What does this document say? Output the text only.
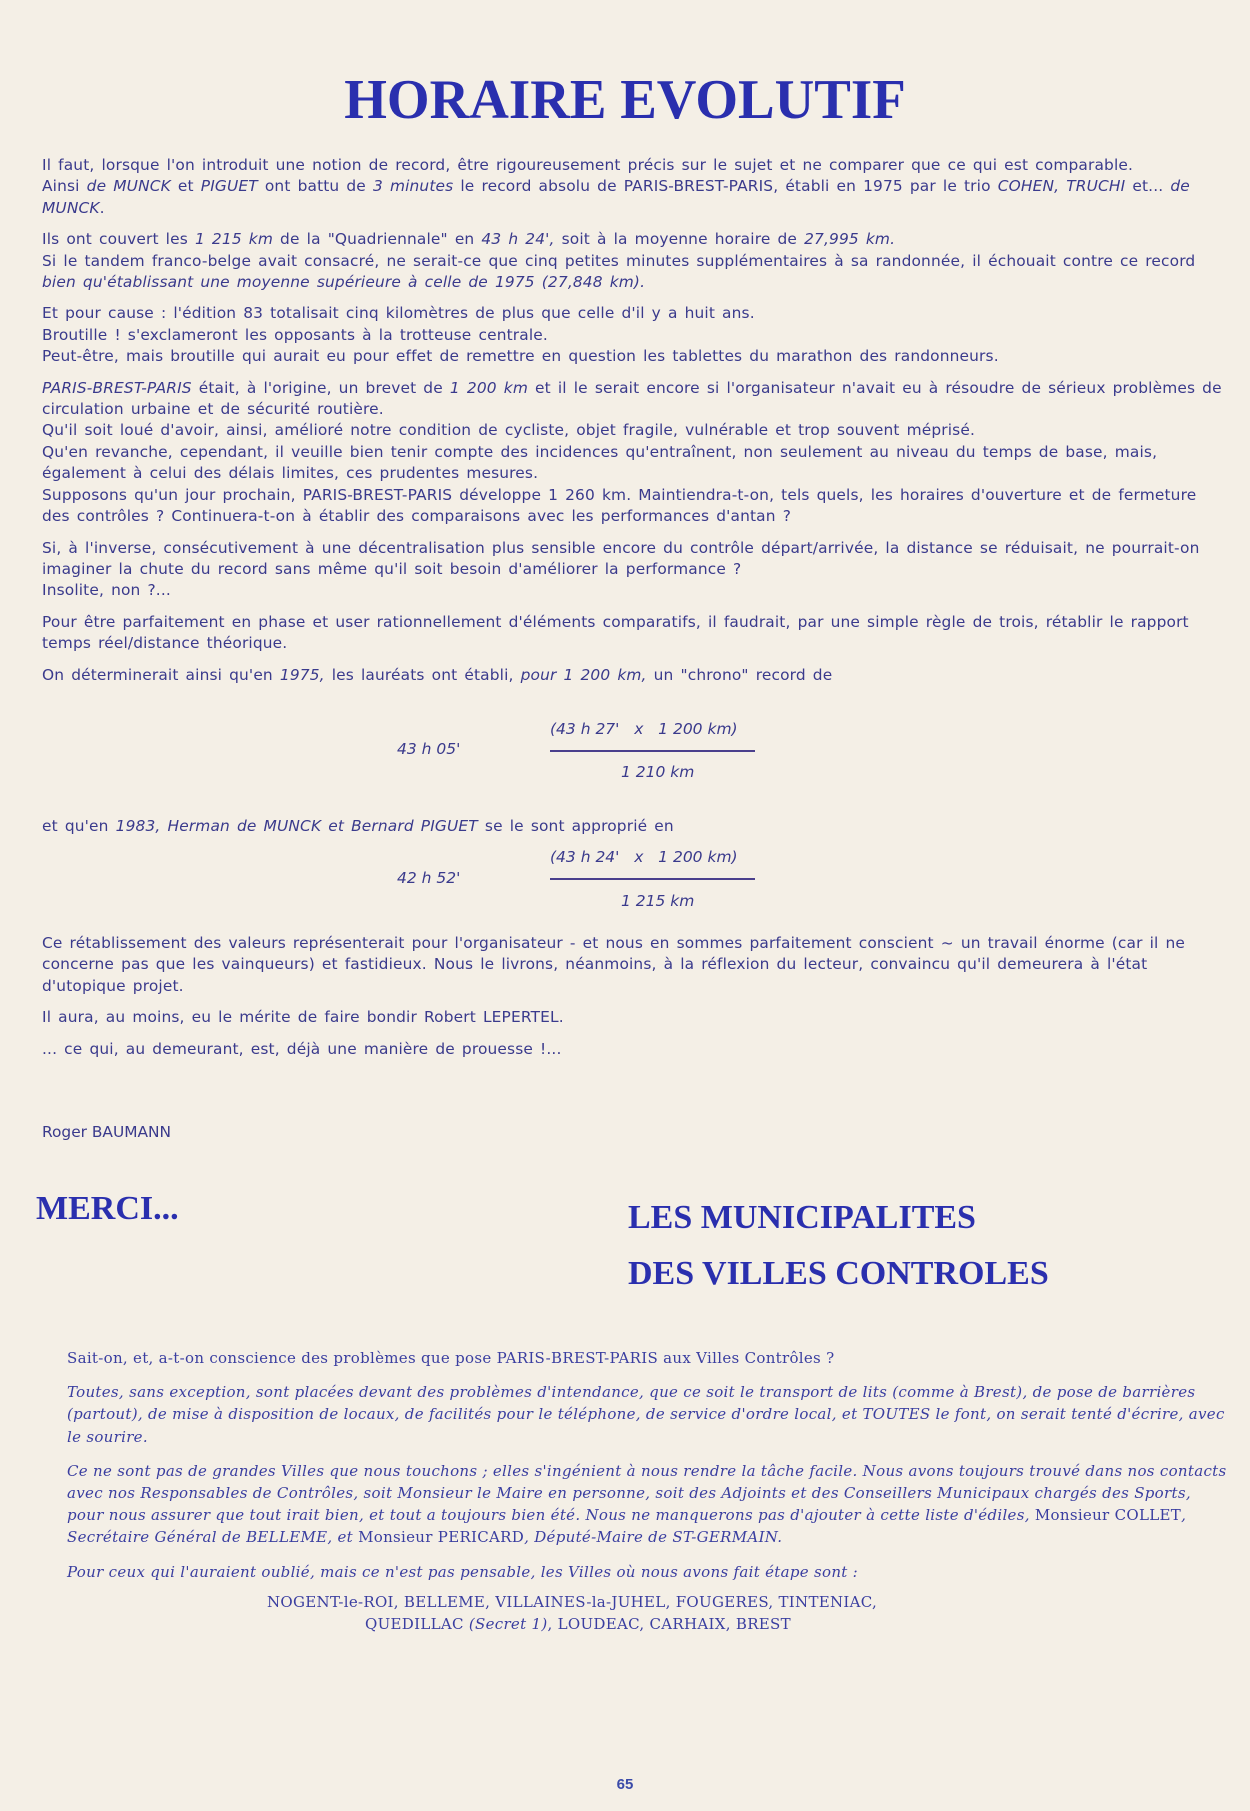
HORAIRE EVOLUTIF

Il faut, lorsque l'on introduit une notion de record, être rigoureusement précis sur le sujet et ne comparer que ce qui est comparable.
Ainsi de MUNCK et PIGUET ont battu de 3 minutes le record absolu de PARIS-BREST-PARIS, établi en 1975 par le trio COHEN, TRUCHI et... de MUNCK.

Ils ont couvert les 1 215 km de la "Quadriennale" en 43 h 24', soit à la moyenne horaire de 27,995 km.
Si le tandem franco-belge avait consacré, ne serait-ce que cinq petites minutes supplémentaires à sa randonnée, il échouait contre ce record bien qu'établissant une moyenne supérieure à celle de 1975 (27,848 km).

Et pour cause : l'édition 83 totalisait cinq kilomètres de plus que celle d'il y a huit ans.
Broutille ! s'exclameront les opposants à la trotteuse centrale.
Peut-être, mais broutille qui aurait eu pour effet de remettre en question les tablettes du marathon des randonneurs.

PARIS-BREST-PARIS était, à l'origine, un brevet de 1 200 km et il le serait encore si l'organisateur n'avait eu à résoudre de sérieux problèmes de circulation urbaine et de sécurité routière.
Qu'il soit loué d'avoir, ainsi, amélioré notre condition de cycliste, objet fragile, vulnérable et trop souvent méprisé.
Qu'en revanche, cependant, il veuille bien tenir compte des incidences qu'entraînent, non seulement au niveau du temps de base, mais, également à celui des délais limites, ces prudentes mesures.
Supposons qu'un jour prochain, PARIS-BREST-PARIS développe 1 260 km. Maintiendra-t-on, tels quels, les horaires d'ouverture et de fermeture des contrôles ? Continuera-t-on à établir des comparaisons avec les performances d'antan ?

Si, à l'inverse, consécutivement à une décentralisation plus sensible encore du contrôle départ/arrivée, la distance se réduisait, ne pourrait-on imaginer la chute du record sans même qu'il soit besoin d'améliorer la performance ?
Insolite, non ?...

Pour être parfaitement en phase et user rationnellement d'éléments comparatifs, il faudrait, par une simple règle de trois, rétablir le rapport temps réel/distance théorique.

On déterminerait ainsi qu'en 1975, les lauréats ont établi, pour 1 200 km, un "chrono" record de

43 h 05'
(43 h 27'   x   1 200 km)
1 210 km

et qu'en 1983, Herman de MUNCK et Bernard PIGUET se le sont approprié en

42 h 52'
(43 h 24'   x   1 200 km)
1 215 km

Ce rétablissement des valeurs représenterait pour l'organisateur - et nous en sommes parfaitement conscient ~ un travail énorme (car il ne concerne pas que les vainqueurs) et fastidieux. Nous le livrons, néanmoins, à la réflexion du lecteur, convaincu qu'il demeurera à l'état d'utopique projet.

Il aura, au moins, eu le mérite de faire bondir Robert LEPERTEL.

... ce qui, au demeurant, est, déjà une manière de prouesse !...

Roger BAUMANN
MERCI...	LES MUNICIPALITES
DES VILLES CONTROLES

Sait-on, et, a-t-on conscience des problèmes que pose PARIS-BREST-PARIS aux Villes Contrôles ?

Toutes, sans exception, sont placées devant des problèmes d'intendance, que ce soit le transport de lits (comme à Brest), de pose de barrières (partout), de mise à disposition de locaux, de facilités pour le téléphone, de service d'ordre local, et TOUTES le font, on serait tenté d'écrire, avec le sourire.

Ce ne sont pas de grandes Villes que nous touchons ; elles s'ingénient à nous rendre la tâche facile. Nous avons toujours trouvé dans nos contacts avec nos Responsables de Contrôles, soit Monsieur le Maire en personne, soit des Adjoints et des Conseillers Municipaux chargés des Sports, pour nous assurer que tout irait bien, et tout a toujours bien été. Nous ne manquerons pas d'ajouter à cette liste d'édiles, Monsieur COLLET, Secrétaire Général de BELLEME, et Monsieur PERICARD, Député-Maire de ST-GERMAIN.

Pour ceux qui l'auraient oublié, mais ce n'est pas pensable, les Villes où nous avons fait étape sont :

NOGENT-le-ROI, BELLEME, VILLAINES-la-JUHEL, FOUGERES, TINTENIAC,
QUEDILLAC (Secret 1), LOUDEAC, CARHAIX, BREST
65
